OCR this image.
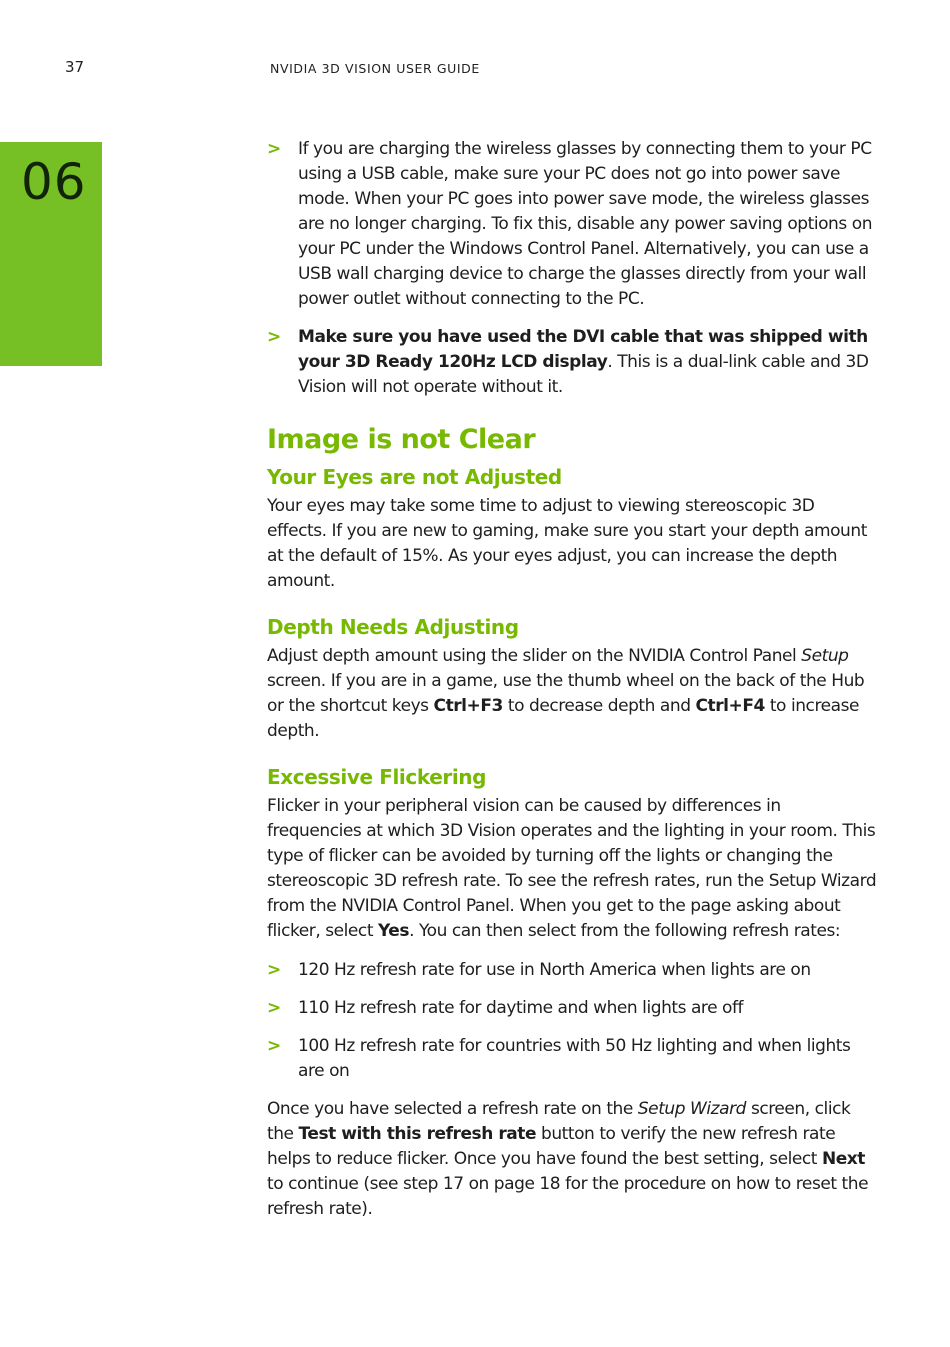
37	NVIDIA 3D VISION USER GUIDE
06
> If you are charging the wireless glasses by connecting them to your PC using a USB cable, make sure your PC does not go into power save mode. When your PC goes into power save mode, the wireless glasses are no longer charging. To fix this, disable any power saving options on your PC under the Windows Control Panel. Alternatively, you can use a USB wall charging device to charge the glasses directly from your wall power outlet without connecting to the PC.
> Make sure you have used the DVI cable that was shipped with your 3D Ready 120Hz LCD display. This is a dual-link cable and 3D Vision will not operate without it.
Image is not Clear
Your Eyes are not Adjusted
Your eyes may take some time to adjust to viewing stereoscopic 3D effects. If you are new to gaming, make sure you start your depth amount at the default of 15%. As your eyes adjust, you can increase the depth amount.
Depth Needs Adjusting
Adjust depth amount using the slider on the NVIDIA Control Panel Setup screen. If you are in a game, use the thumb wheel on the back of the Hub or the shortcut keys Ctrl+F3 to decrease depth and Ctrl+F4 to increase depth.
Excessive Flickering
Flicker in your peripheral vision can be caused by differences in frequencies at which 3D Vision operates and the lighting in your room. This type of flicker can be avoided by turning off the lights or changing the stereoscopic 3D refresh rate. To see the refresh rates, run the Setup Wizard from the NVIDIA Control Panel. When you get to the page asking about flicker, select Yes. You can then select from the following refresh rates:
> 120 Hz refresh rate for use in North America when lights are on
> 110 Hz refresh rate for daytime and when lights are off
> 100 Hz refresh rate for countries with 50 Hz lighting and when lights are on
Once you have selected a refresh rate on the Setup Wizard screen, click the Test with this refresh rate button to verify the new refresh rate helps to reduce flicker. Once you have found the best setting, select Next to continue (see step 17 on page 18 for the procedure on how to reset the refresh rate).
